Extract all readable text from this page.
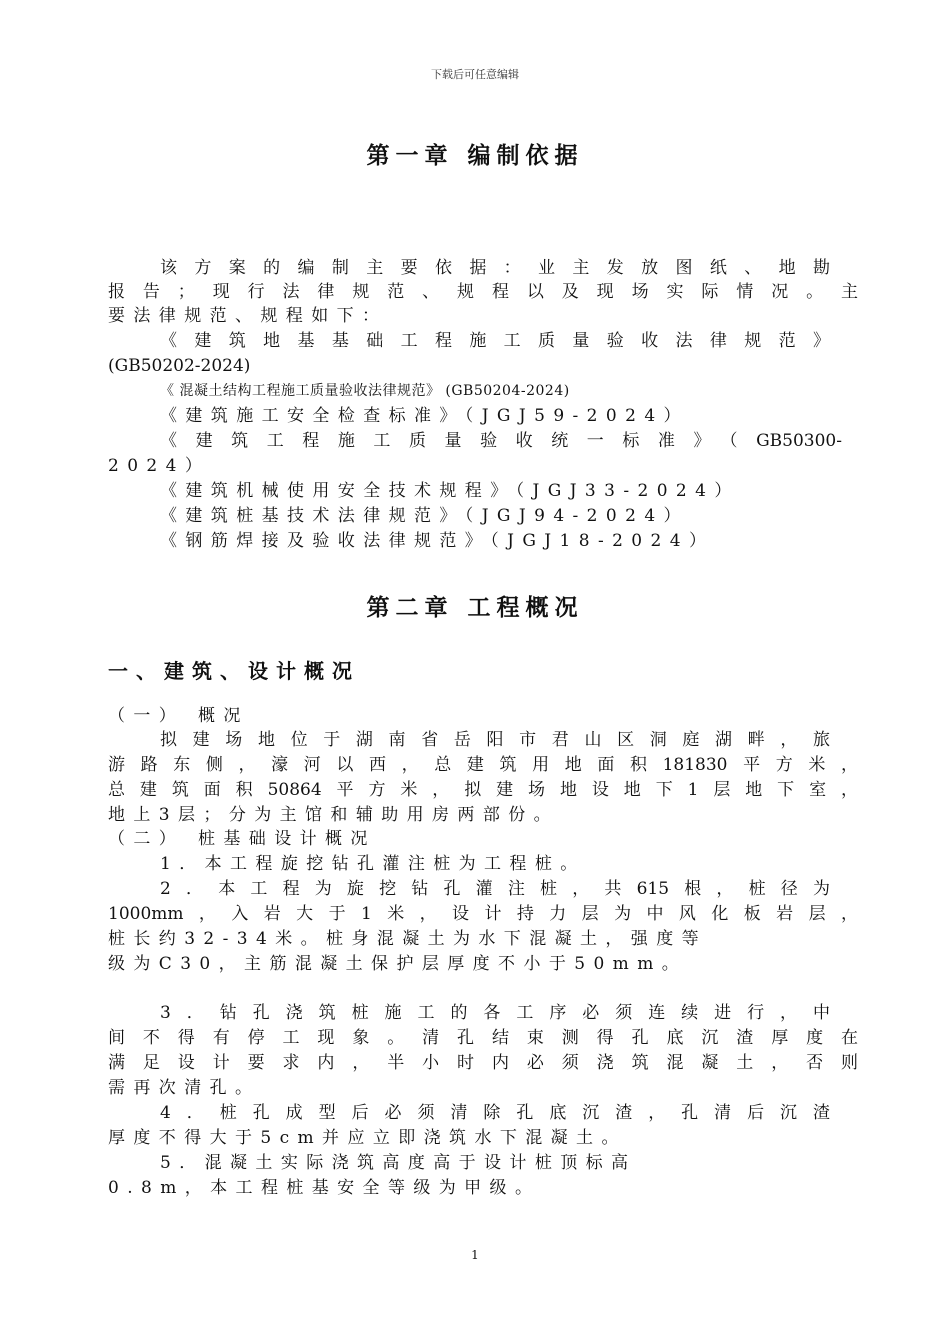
下载后可任意编辑
第一章 编制依据
该方案的编制主要依据：业主发放图纸、地勘
报告；现行法律规范、规程以及现场实际情况。主
要法律规范、规程如下：
《建筑地基基础工程施工质量验收法律规范》
(GB50202-2024)
《 混凝土结构工程施工质量验收法律规范》 (GB50204-2024)
《建筑施工安全检查标准》（JGJ59-2024）
《建筑工程施工质量验收统一标准》（GB50300-
2024）
《建筑机械使用安全技术规程》（JGJ33-2024）
《建筑桩基技术法律规范》（JGJ94-2024）
《钢筋焊接及验收法律规范》（JGJ18-2024）
第二章 工程概况
一、建筑、设计概况
（一） 概况
拟建场地位于湖南省岳阳市君山区洞庭湖畔，旅
游路东侧，濠河以西，总建筑用地面积181830平方米，
总建筑面积50864平方米，拟建场地设地下1层地下室，
地上3层；分为主馆和辅助用房两部份。
（二） 桩基础设计概况
1．本工程旋挖钻孔灌注桩为工程桩。
2．本工程为旋挖钻孔灌注桩，共615根，桩径为
1000mm，入岩大于1米，设计持力层为中风化板岩层，
桩长约32-34米。桩身混凝土为水下混凝土，强度等
级为C30，主筋混凝土保护层厚度不小于50mm。
3．钻孔浇筑桩施工的各工序必须连续进行，中
间不得有停工现象。清孔结束测得孔底沉渣厚度在
满足设计要求内，半小时内必须浇筑混凝土，否则
需再次清孔。
4．桩孔成型后必须清除孔底沉渣，孔清后沉渣
厚度不得大于5cm并应立即浇筑水下混凝土。
5．混凝土实际浇筑高度高于设计桩顶标高
0.8m，本工程桩基安全等级为甲级。
1
